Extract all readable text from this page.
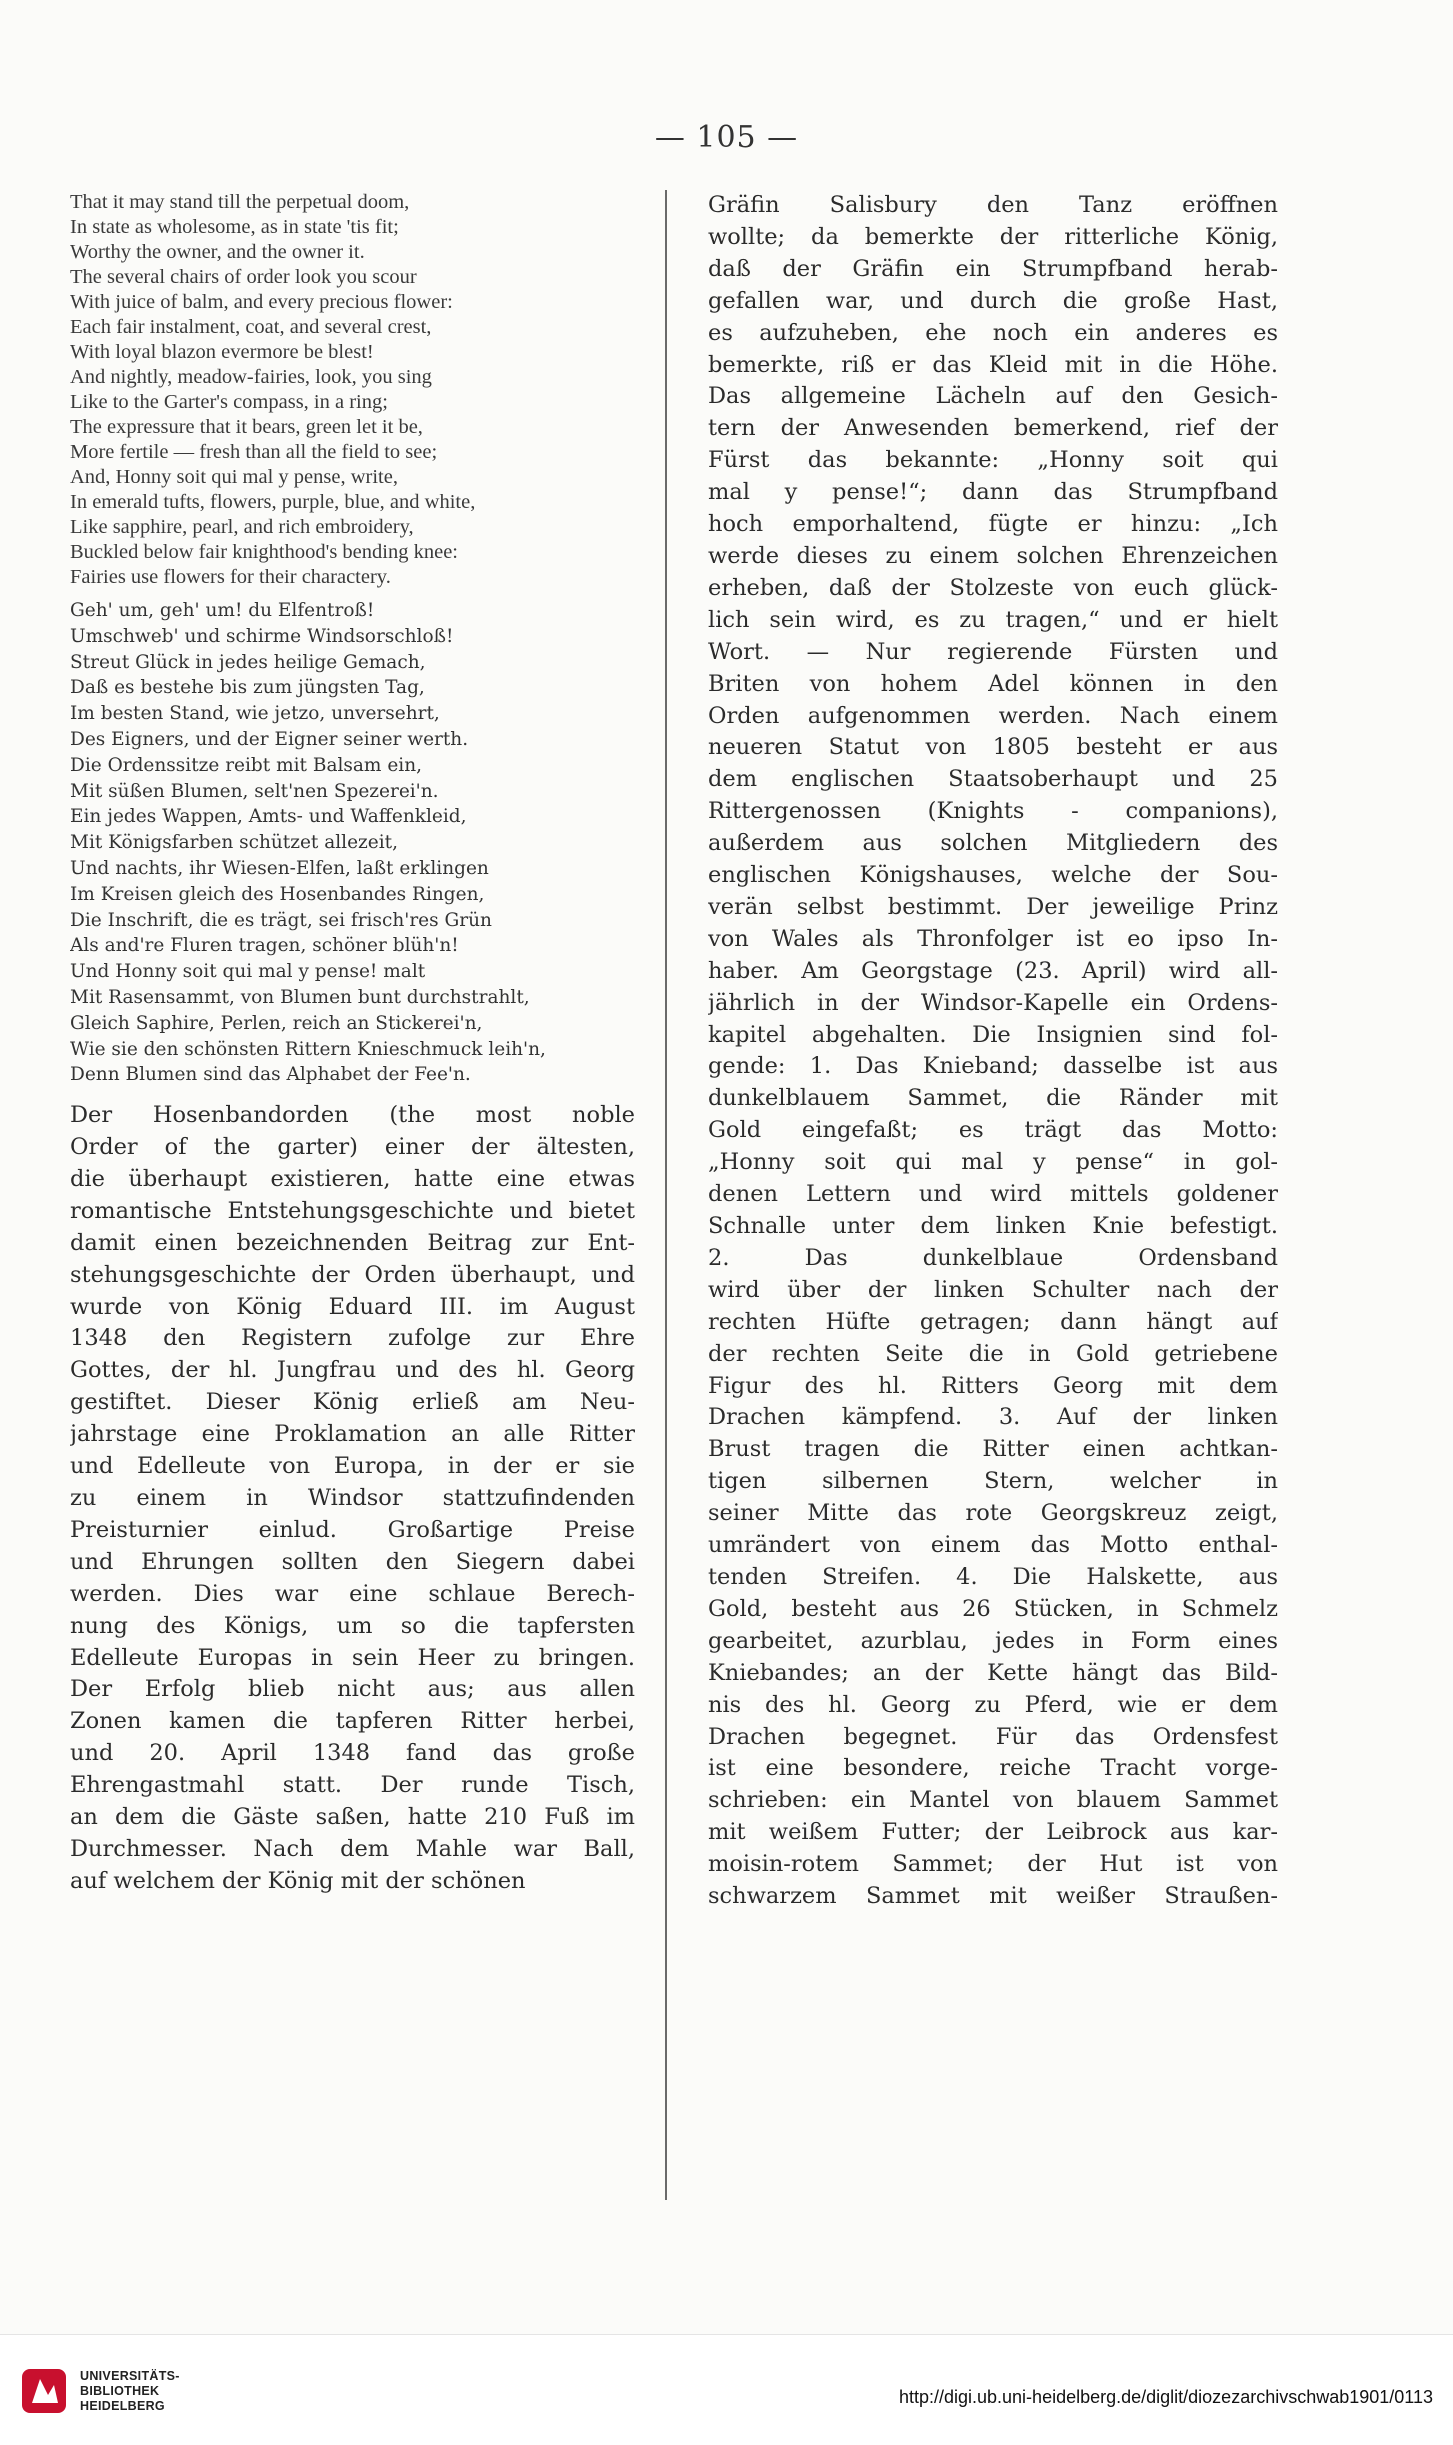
— 105 —
That it may stand till the perpetual doom,
In state as wholesome, as in state 'tis fit;
Worthy the owner, and the owner it.
The several chairs of order look you scour
With juice of balm, and every precious flower:
Each fair instalment, coat, and several crest,
With loyal blazon evermore be blest!
And nightly, meadow-fairies, look, you sing
Like to the Garter's compass, in a ring;
The expressure that it bears, green let it be,
More fertile — fresh than all the field to see;
And, Honny soit qui mal y pense, write,
In emerald tufts, flowers, purple, blue, and white,
Like sapphire, pearl, and rich embroidery,
Buckled below fair knighthood's bending knee:
Fairies use flowers for their charactery.
Geh' um, geh' um! du Elfentroß!
Umschweb' und schirme Windsorschloß!
Streut Glück in jedes heilige Gemach,
Daß es bestehe bis zum jüngsten Tag,
Im besten Stand, wie jetzo, unversehrt,
Des Eigners, und der Eigner seiner werth.
Die Ordenssitze reibt mit Balsam ein,
Mit süßen Blumen, selt'nen Spezerei'n.
Ein jedes Wappen, Amts- und Waffenkleid,
Mit Königsfarben schützet allezeit,
Und nachts, ihr Wiesen-Elfen, laßt erklingen
Im Kreisen gleich des Hosenbandes Ringen,
Die Inschrift, die es trägt, sei frisch'res Grün
Als and're Fluren tragen, schöner blüh'n!
Und Honny soit qui mal y pense! malt
Mit Rasensammt, von Blumen bunt durchstrahlt,
Gleich Saphire, Perlen, reich an Stickerei'n,
Wie sie den schönsten Rittern Knieschmuck leih'n,
Denn Blumen sind das Alphabet der Fee'n.
Der Hosenbandorden (the most noble
Order of the garter) einer der ältesten,
die überhaupt existieren, hatte eine etwas
romantische Entstehungsgeschichte und bietet
damit einen bezeichnenden Beitrag zur Ent-
stehungsgeschichte der Orden überhaupt, und
wurde von König Eduard III. im August
1348 den Registern zufolge zur Ehre
Gottes, der hl. Jungfrau und des hl. Georg
gestiftet. Dieser König erließ am Neu-
jahrstage eine Proklamation an alle Ritter
und Edelleute von Europa, in der er sie
zu einem in Windsor stattzufindenden
Preisturnier einlud. Großartige Preise
und Ehrungen sollten den Siegern dabei
werden. Dies war eine schlaue Berech-
nung des Königs, um so die tapfersten
Edelleute Europas in sein Heer zu bringen.
Der Erfolg blieb nicht aus; aus allen
Zonen kamen die tapferen Ritter herbei,
und 20. April 1348 fand das große
Ehrengastmahl statt. Der runde Tisch,
an dem die Gäste saßen, hatte 210 Fuß im
Durchmesser. Nach dem Mahle war Ball,
auf welchem der König mit der schönen
Gräfin Salisbury den Tanz eröffnen
wollte; da bemerkte der ritterliche König,
daß der Gräfin ein Strumpfband herab-
gefallen war, und durch die große Hast,
es aufzuheben, ehe noch ein anderes es
bemerkte, riß er das Kleid mit in die Höhe.
Das allgemeine Lächeln auf den Gesich-
tern der Anwesenden bemerkend, rief der
Fürst das bekannte: „Honny soit qui
mal y pense!“; dann das Strumpfband
hoch emporhaltend, fügte er hinzu: „Ich
werde dieses zu einem solchen Ehrenzeichen
erheben, daß der Stolzeste von euch glück-
lich sein wird, es zu tragen,“ und er hielt
Wort. — Nur regierende Fürsten und
Briten von hohem Adel können in den
Orden aufgenommen werden. Nach einem
neueren Statut von 1805 besteht er aus
dem englischen Staatsoberhaupt und 25
Rittergenossen (Knights - companions),
außerdem aus solchen Mitgliedern des
englischen Königshauses, welche der Sou-
verän selbst bestimmt. Der jeweilige Prinz
von Wales als Thronfolger ist eo ipso In-
haber. Am Georgstage (23. April) wird all-
jährlich in der Windsor-Kapelle ein Ordens-
kapitel abgehalten. Die Insignien sind fol-
gende: 1. Das Knieband; dasselbe ist aus
dunkelblauem Sammet, die Ränder mit
Gold eingefaßt; es trägt das Motto:
„Honny soit qui mal y pense“ in gol-
denen Lettern und wird mittels goldener
Schnalle unter dem linken Knie befestigt.
2. Das dunkelblaue Ordensband
wird über der linken Schulter nach der
rechten Hüfte getragen; dann hängt auf
der rechten Seite die in Gold getriebene
Figur des hl. Ritters Georg mit dem
Drachen kämpfend. 3. Auf der linken
Brust tragen die Ritter einen achtkan-
tigen silbernen Stern, welcher in
seiner Mitte das rote Georgskreuz zeigt,
umrändert von einem das Motto enthal-
tenden Streifen. 4. Die Halskette, aus
Gold, besteht aus 26 Stücken, in Schmelz
gearbeitet, azurblau, jedes in Form eines
Kniebandes; an der Kette hängt das Bild-
nis des hl. Georg zu Pferd, wie er dem
Drachen begegnet. Für das Ordensfest
ist eine besondere, reiche Tracht vorge-
schrieben: ein Mantel von blauem Sammet
mit weißem Futter; der Leibrock aus kar-
moisin-rotem Sammet; der Hut ist von
schwarzem Sammet mit weißer Straußen-
UNIVERSITÄTS-
BIBLIOTHEK
HEIDELBERG	http://digi.ub.uni-heidelberg.de/diglit/diozezarchivschwab1901/0113
